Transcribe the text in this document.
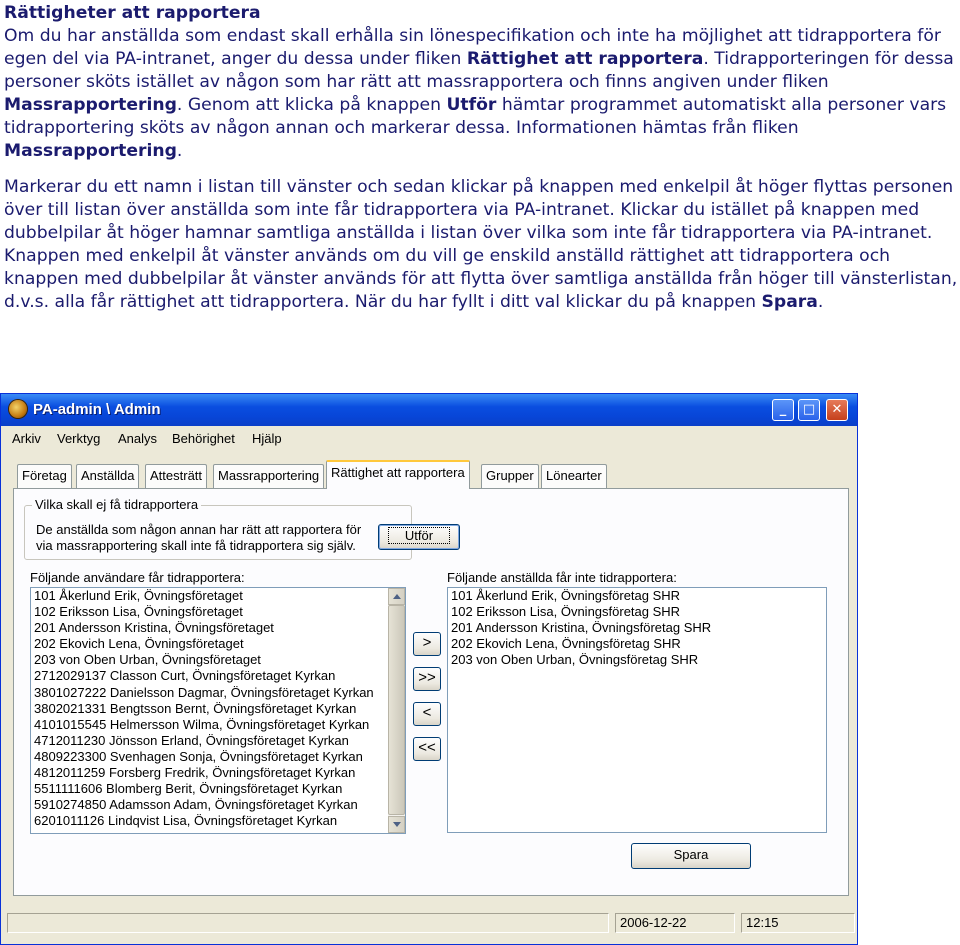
Rättigheter att rapportera

Om du har anställda som endast skall erhålla sin lönespecifikation och inte ha möjlighet att tidrapportera för egen del via PA-intranet, anger du dessa under fliken Rättighet att rapportera. Tidrapporteringen för dessa personer sköts istället av någon som har rätt att massrapportera och finns angiven under fliken Massrapportering. Genom att klicka på knappen Utför hämtar programmet automatiskt alla personer vars tidrapportering sköts av någon annan och markerar dessa. Informationen hämtas från fliken Massrapportering.

Markerar du ett namn i listan till vänster och sedan klickar på knappen med enkelpil åt höger flyttas personen över till listan över anställda som inte får tidrapportera via PA-intranet. Klickar du istället på knappen med dubbelpilar åt höger hamnar samtliga anställda i listan över vilka som inte får tidrapportera via PA-intranet. Knappen med enkelpil åt vänster används om du vill ge enskild anställd rättighet att tidrapportera och knappen med dubbelpilar åt vänster används för att flytta över samtliga anställda från höger till vänsterlistan, d.v.s. alla får rättighet att tidrapportera. När du har fyllt i ditt val klickar du på knappen Spara.

PA-admin \ Admin	_	□	✕
Arkiv Verktyg Analys Behörighet Hjälp
Företag	Anställda	Attesträtt	Massrapportering Rättighet att rapportera	Grupper Lönearter
Vilka skall ej få tidrapportera
De anställda som någon annan har rätt att rapportera för
via massrapportering skall inte få tidrapportera sig själv.
Utför
Följande användare får tidrapportera:	Följande anställda får inte tidrapportera:
101 Åkerlund Erik, Övningsföretaget
102 Eriksson Lisa, Övningsföretaget
201 Andersson Kristina, Övningsföretaget
202 Ekovich Lena, Övningsföretaget
203 von Oben Urban, Övningsföretaget
2712029137 Classon Curt, Övningsföretaget Kyrkan
3801027222 Danielsson Dagmar, Övningsföretaget Kyrkan
3802021331 Bengtsson Bernt, Övningsföretaget Kyrkan
4101015545 Helmersson Wilma, Övningsföretaget Kyrkan
4712011230 Jönsson Erland, Övningsföretaget Kyrkan
4809223300 Svenhagen Sonja, Övningsföretaget Kyrkan
4812011259 Forsberg Fredrik, Övningsföretaget Kyrkan
5511111606 Blomberg Berit, Övningsföretaget Kyrkan
5910274850 Adamsson Adam, Övningsföretaget Kyrkan
6201011126 Lindqvist Lisa, Övningsföretaget Kyrkan
>
>>
<
<<
101 Åkerlund Erik, Övningsföretag SHR
102 Eriksson Lisa, Övningsföretag SHR
201 Andersson Kristina, Övningsföretag SHR
202 Ekovich Lena, Övningsföretag SHR
203 von Oben Urban, Övningsföretag SHR
Spara
2006-12-22	12:15
